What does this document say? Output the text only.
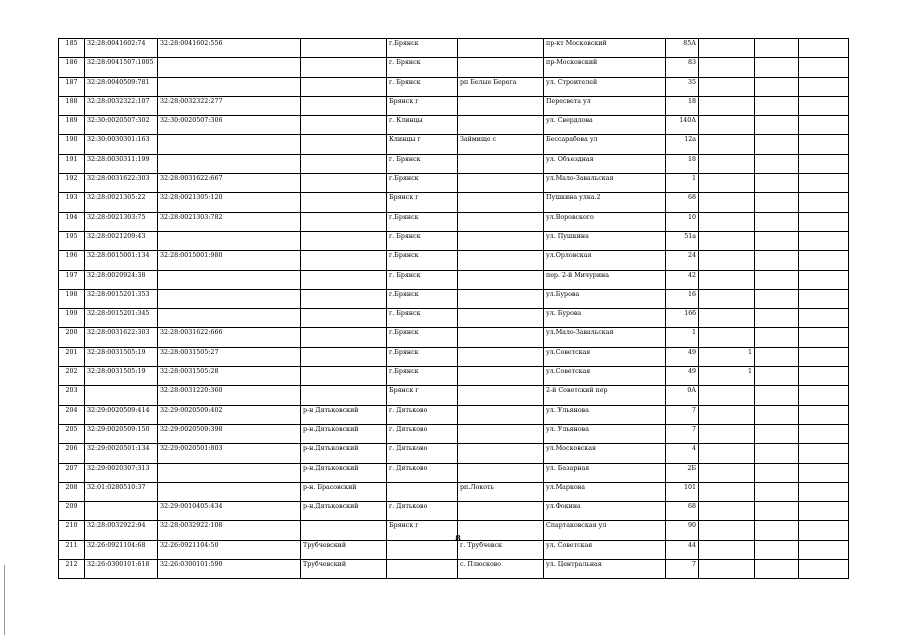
185	32:28:0041602:74	32:28:0041602:556		г.Брянск		пр-кт Московский	85А			
186	32:28:0041507:1005			г. Брянск		пр-Московский	83			
187	32:28:0040509:781			г. Брянск	рп Белые Берега	ул. Строителей	35			
188	32:28:0032322:107	32:28:0032322:277		Брянск г		Пересвета ул	18			
189	32:30:0020507:302	32:30:0020507:306		г. Клинцы		ул. Свердлова	140А			
190	32:30:0030301:163			Клинцы г	Займище с	Бессарабова ул	12а			
191	32:28:0030311:199			г. Брянск		ул. Объездная	18			
192	32:28:0031622:303	32:28:0031622:667		г.Брянск		ул.Мало-Завальская	1			
193	32:28:0021305:22	32:28:0021305:120		Брянск г		Пушкина улка.2	68			
194	32:28:0021303:75	32:28:0021303:782		г.Брянск		ул.Воровского	10			
195	32:28:0021209:43			г. Брянск		ул. Пушкина	51а			
196	32:28:0015001:134	32:28:0015001:980		г.Брянск		ул.Орловская	24			
197	32:28:0020924:38			г. Брянск		пер. 2-й Мичурина	42			
198	32:28:0015201:353			г.Брянск		ул.Бурова	16			
199	32:28:0015201:345			г. Брянск		ул. Бурова	16б			
200	32:28:0031622:303	32:28:0031622:666		г.Брянск		ул.Мало-Завальская	1			
201	32:28:0031505:19	32:28:0031505:27		г.Брянск		ул.Советская	49	1		
202	32:28:0031505:19	32:28:0031505:28		г.Брянск		ул.Советская	49	1		
203		32:28:0031220:360		Брянск г		2-й Советский пер	9А			
204	32:29:0020509:414	32:29:0020509:402	р-н Дятьковский	г. Дятьково		ул. Ульянова	7			
205	32:29:0020509:150	32:29:0020509:398	р-н.Дятьковский	г. Дятьково		ул. Ульянова	7			
206	32:29:0020501:134	32:29:0020501:803	р-н.Дятьковский	г. Дятьково		ул.Московская	4			
207	32:29:0020307:313		р-н.Дятьковский	г. Дятьково		ул. Базарная	2Б			
208	32:01:0280510:37		р-н. Брасовский		рп.Локоть	ул.Маркова	101			
209		32:29:0010405:434	р-н.Дятьковский	г. Дятьково		ул.Фокина	68			
210	32:28:0032922:94	32:28:0032922:108		Брянск г		Спартаковская ул	90			
211	32:26:0921104:68	32:26:0921104:50	Трубчевский		г. Трубчевск	ул. Советская	44			
212	32:26:0300101:618	32:26:0300101:590	Трубчевский		с. Плюсково	ул. Центральная	7			
8
